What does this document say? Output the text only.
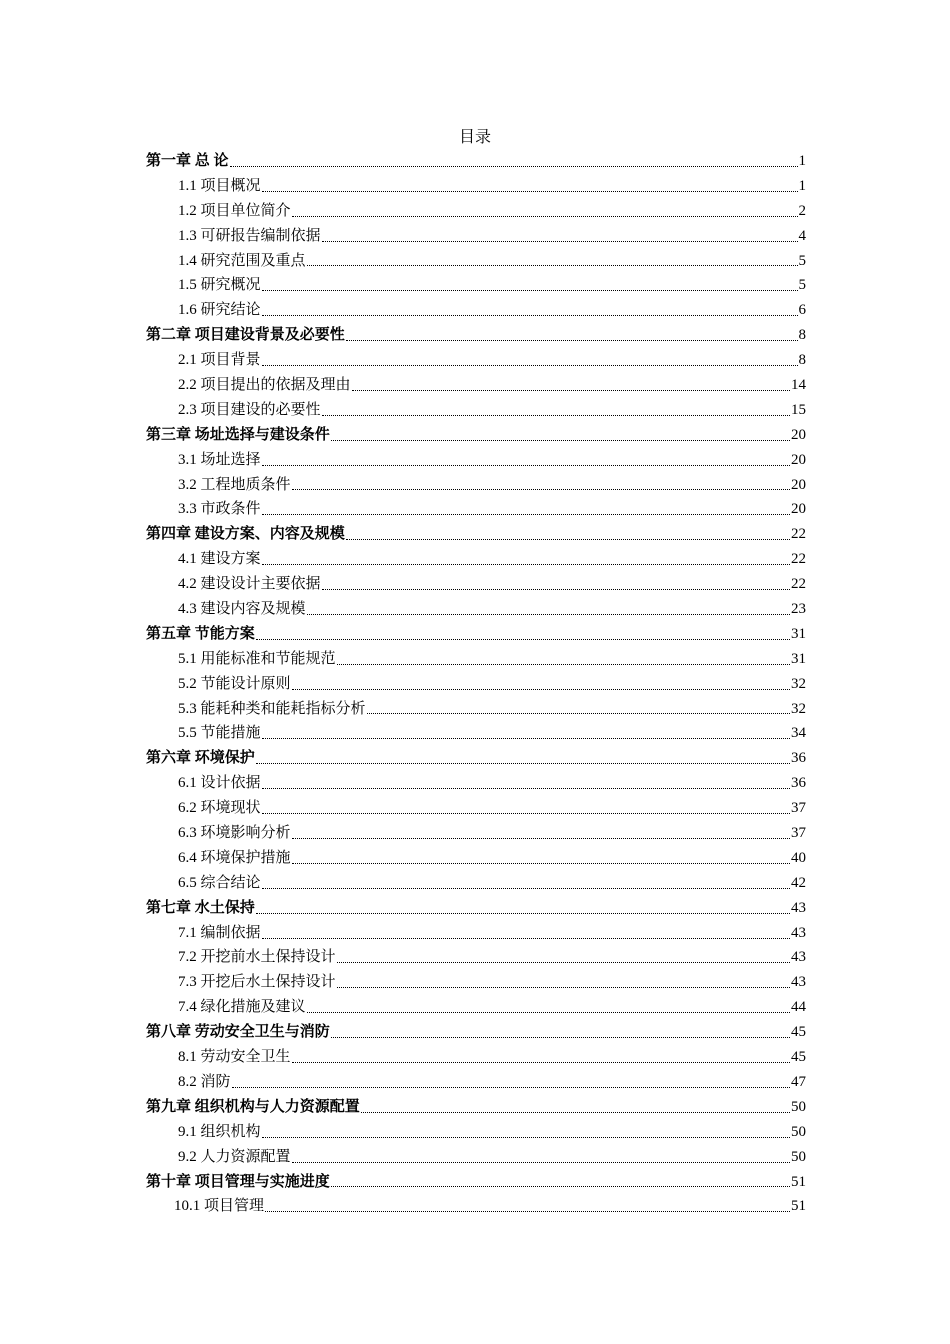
目录
第一章 总 论	1
1.1 项目概况	1
1.2 项目单位简介	2
1.3 可研报告编制依据	4
1.4 研究范围及重点	5
1.5 研究概况	5
1.6 研究结论	6
第二章 项目建设背景及必要性	8
2.1 项目背景	8
2.2 项目提出的依据及理由	14
2.3 项目建设的必要性	15
第三章 场址选择与建设条件	20
3.1 场址选择	20
3.2 工程地质条件	20
3.3 市政条件	20
第四章 建设方案、内容及规模	22
4.1 建设方案	22
4.2 建设设计主要依据	22
4.3 建设内容及规模	23
第五章 节能方案	31
5.1 用能标准和节能规范	31
5.2 节能设计原则	32
5.3 能耗种类和能耗指标分析	32
5.5 节能措施	34
第六章 环境保护	36
6.1 设计依据	36
6.2 环境现状	37
6.3 环境影响分析	37
6.4 环境保护措施	40
6.5 综合结论	42
第七章 水土保持	43
7.1 编制依据	43
7.2 开挖前水土保持设计	43
7.3 开挖后水土保持设计	43
7.4 绿化措施及建议	44
第八章 劳动安全卫生与消防	45
8.1 劳动安全卫生	45
8.2 消防	47
第九章 组织机构与人力资源配置	50
9.1 组织机构	50
9.2 人力资源配置	50
第十章 项目管理与实施进度	51
10.1 项目管理	51
